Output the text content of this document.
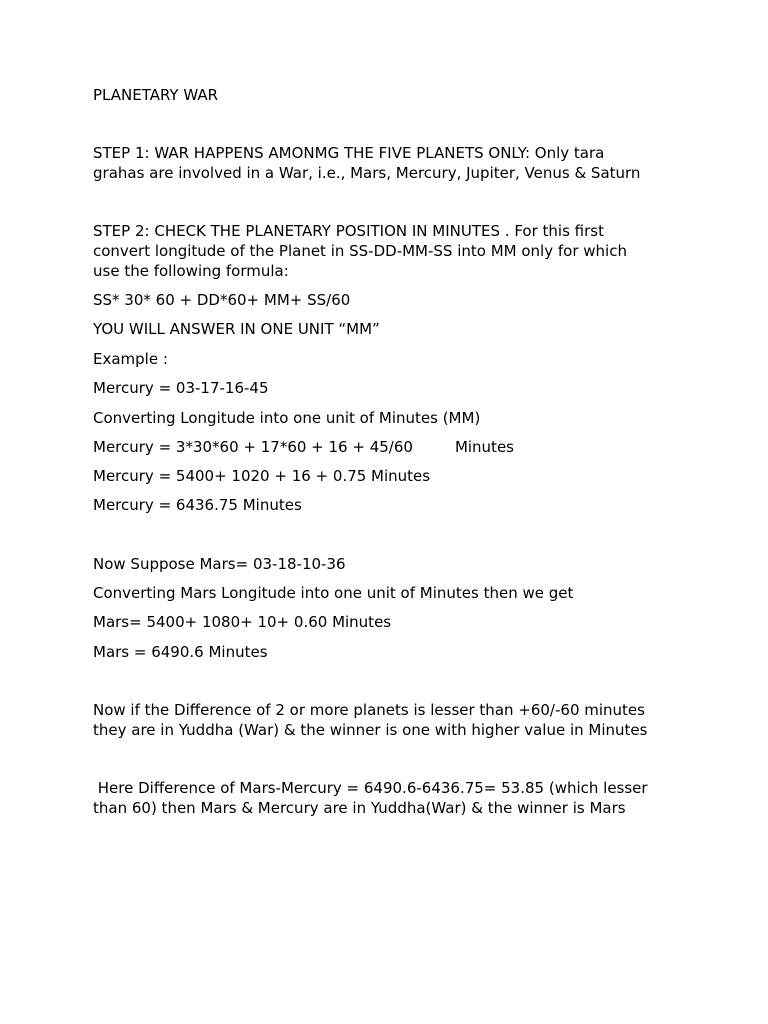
PLANETARY WAR

STEP 1: WAR HAPPENS AMONMG THE FIVE PLANETS ONLY: Only tara

grahas are involved in a War, i.e., Mars, Mercury, Jupiter, Venus & Saturn

STEP 2: CHECK THE PLANETARY POSITION IN MINUTES . For this first

convert longitude of the Planet in SS-DD-MM-SS into MM only for which

use the following formula:

SS* 30* 60 + DD*60+ MM+ SS/60

YOU WILL ANSWER IN ONE UNIT “MM”

Example :

Mercury = 03-17-16-45

Converting Longitude into one unit of Minutes (MM)

Mercury = 3*30*60 + 17*60 + 16 + 45/60	Minutes

Mercury = 5400+ 1020 + 16 + 0.75 Minutes

Mercury = 6436.75 Minutes

Now Suppose Mars= 03-18-10-36

Converting Mars Longitude into one unit of Minutes then we get

Mars= 5400+ 1080+ 10+ 0.60 Minutes

Mars = 6490.6 Minutes

Now if the Difference of 2 or more planets is lesser than +60/-60 minutes

they are in Yuddha (War) & the winner is one with higher value in Minutes

Here Difference of Mars-Mercury = 6490.6-6436.75= 53.85 (which lesser

than 60) then Mars & Mercury are in Yuddha(War) & the winner is Mars
